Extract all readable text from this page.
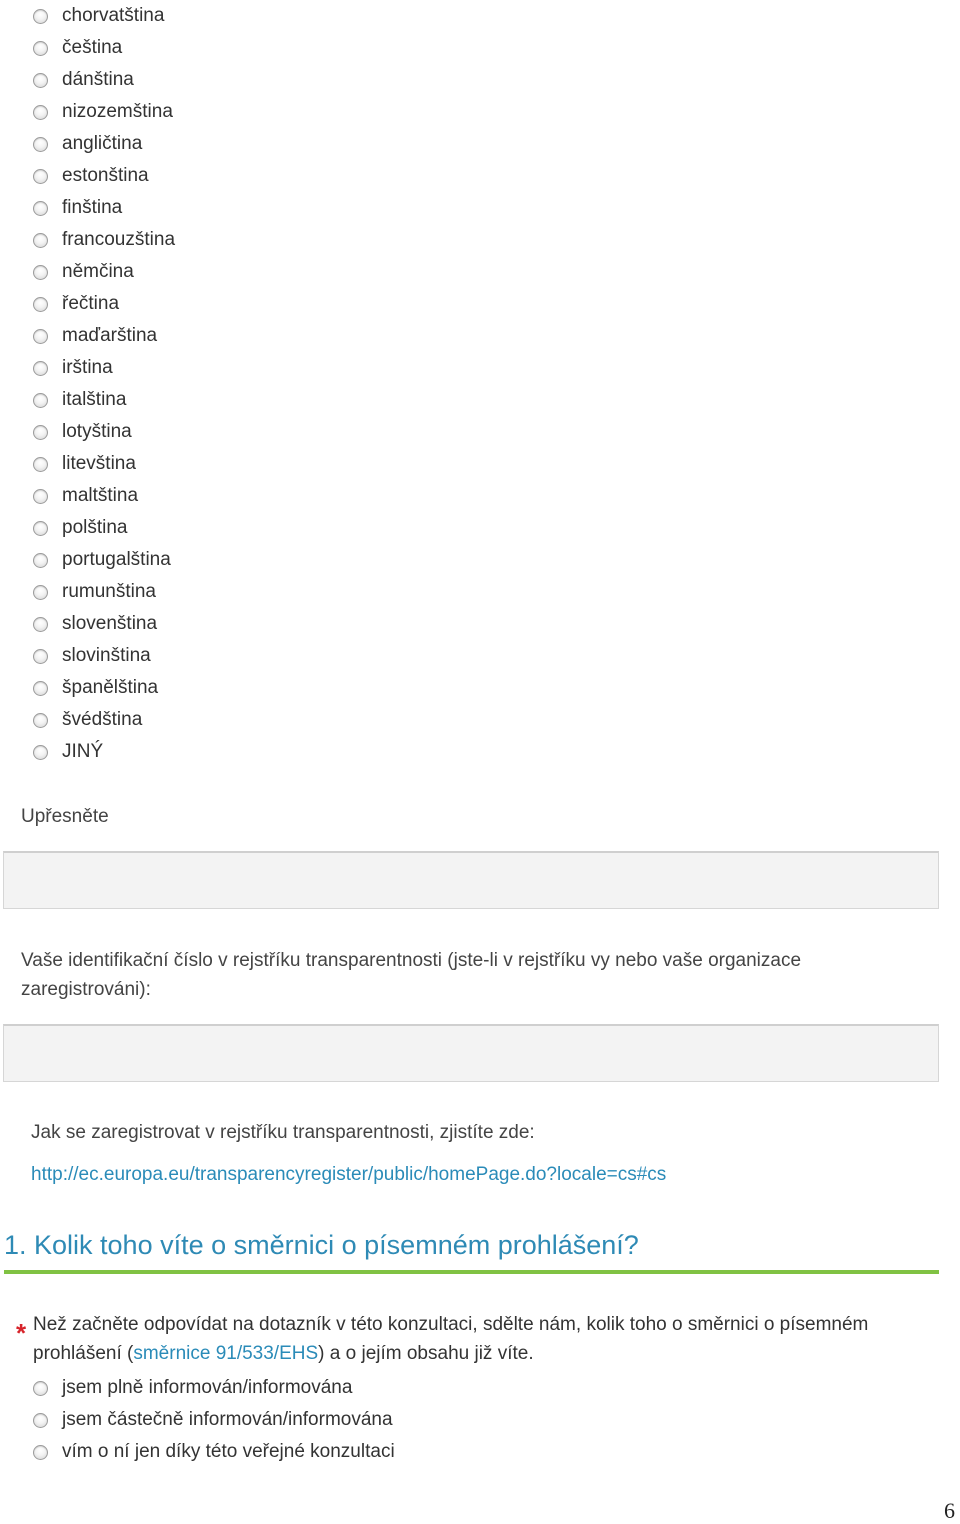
chorvatština
čeština
dánština
nizozemština
angličtina
estonština
finština
francouzština
němčina
řečtina
maďarština
irština
italština
lotyština
litevština
maltština
polština
portugalština
rumunština
slovenština
slovinština
španělština
švédština
JINÝ
Upřesněte
Vaše identifikační číslo v rejstříku transparentnosti (jste-li v rejstříku vy nebo vaše organizace zaregistrováni):
Jak se zaregistrovat v rejstříku transparentnosti, zjistíte zde:
http://ec.europa.eu/transparencyregister/public/homePage.do?locale=cs#cs
1. Kolik toho víte o směrnici o písemném prohlášení?
* Než začněte odpovídat na dotazník v této konzultaci, sdělte nám, kolik toho o směrnici o písemném prohlášení (směrnice 91/533/EHS) a o jejím obsahu již víte.
jsem plně informován/informována
jsem částečně informován/informována
vím o ní jen díky této veřejné konzultaci
6
